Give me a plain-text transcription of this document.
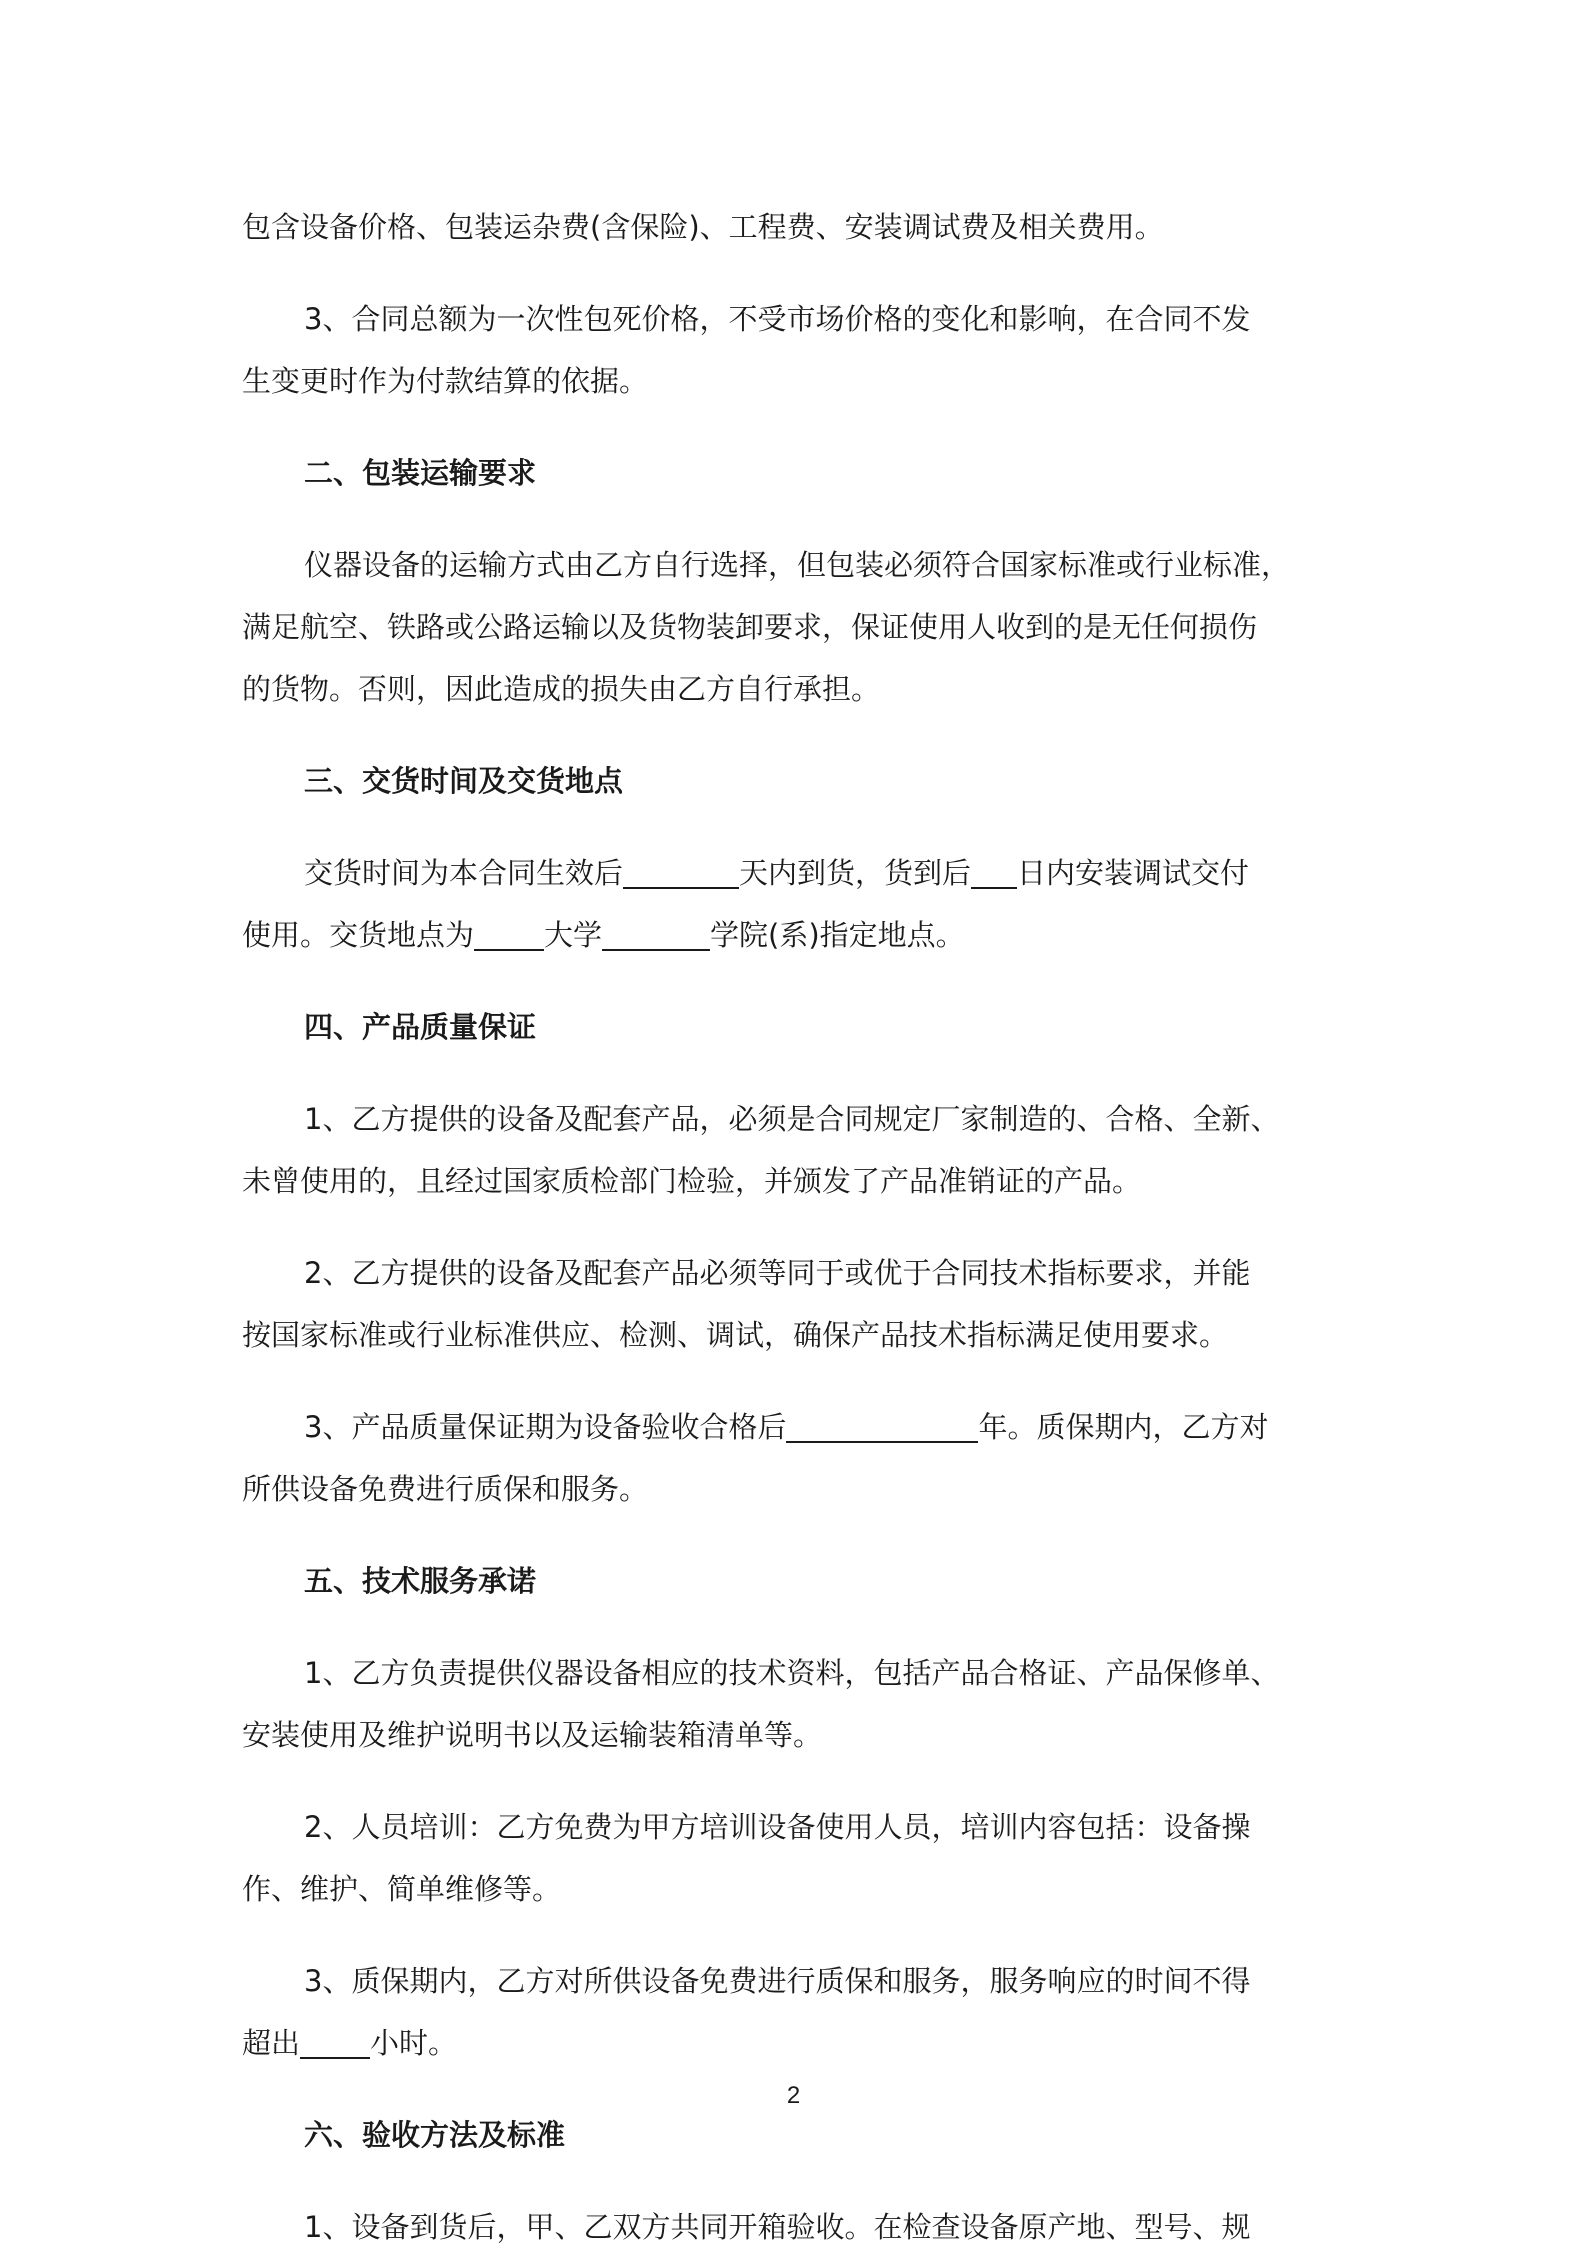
包含设备价格、包装运杂费(含保险)、工程费、安装调试费及相关费用。
3、合同总额为一次性包死价格，不受市场价格的变化和影响，在合同不发
生变更时作为付款结算的依据。
二、包装运输要求
仪器设备的运输方式由乙方自行选择，但包装必须符合国家标准或行业标准，
满足航空、铁路或公路运输以及货物装卸要求，保证使用人收到的是无任何损伤
的货物。否则，因此造成的损失由乙方自行承担。
三、交货时间及交货地点
交货时间为本合同生效后	天内到货，货到后 日内安装调试交付
使用。交货地点为 大学	学院(系)指定地点。
四、产品质量保证
1、乙方提供的设备及配套产品，必须是合同规定厂家制造的、合格、全新、
未曾使用的，且经过国家质检部门检验，并颁发了产品准销证的产品。
2、乙方提供的设备及配套产品必须等同于或优于合同技术指标要求，并能
按国家标准或行业标准供应、检测、调试，确保产品技术指标满足使用要求。
3、产品质量保证期为设备验收合格后	年。质保期内，乙方对
所供设备免费进行质保和服务。
五、技术服务承诺
1、乙方负责提供仪器设备相应的技术资料，包括产品合格证、产品保修单、
安装使用及维护说明书以及运输装箱清单等。
2、人员培训：乙方免费为甲方培训设备使用人员，培训内容包括：设备操
作、维护、简单维修等。
3、质保期内，乙方对所供设备免费进行质保和服务，服务响应的时间不得
超出 小时。
六、验收方法及标准
1、设备到货后，甲、乙双方共同开箱验收。在检查设备原产地、型号、规
2
